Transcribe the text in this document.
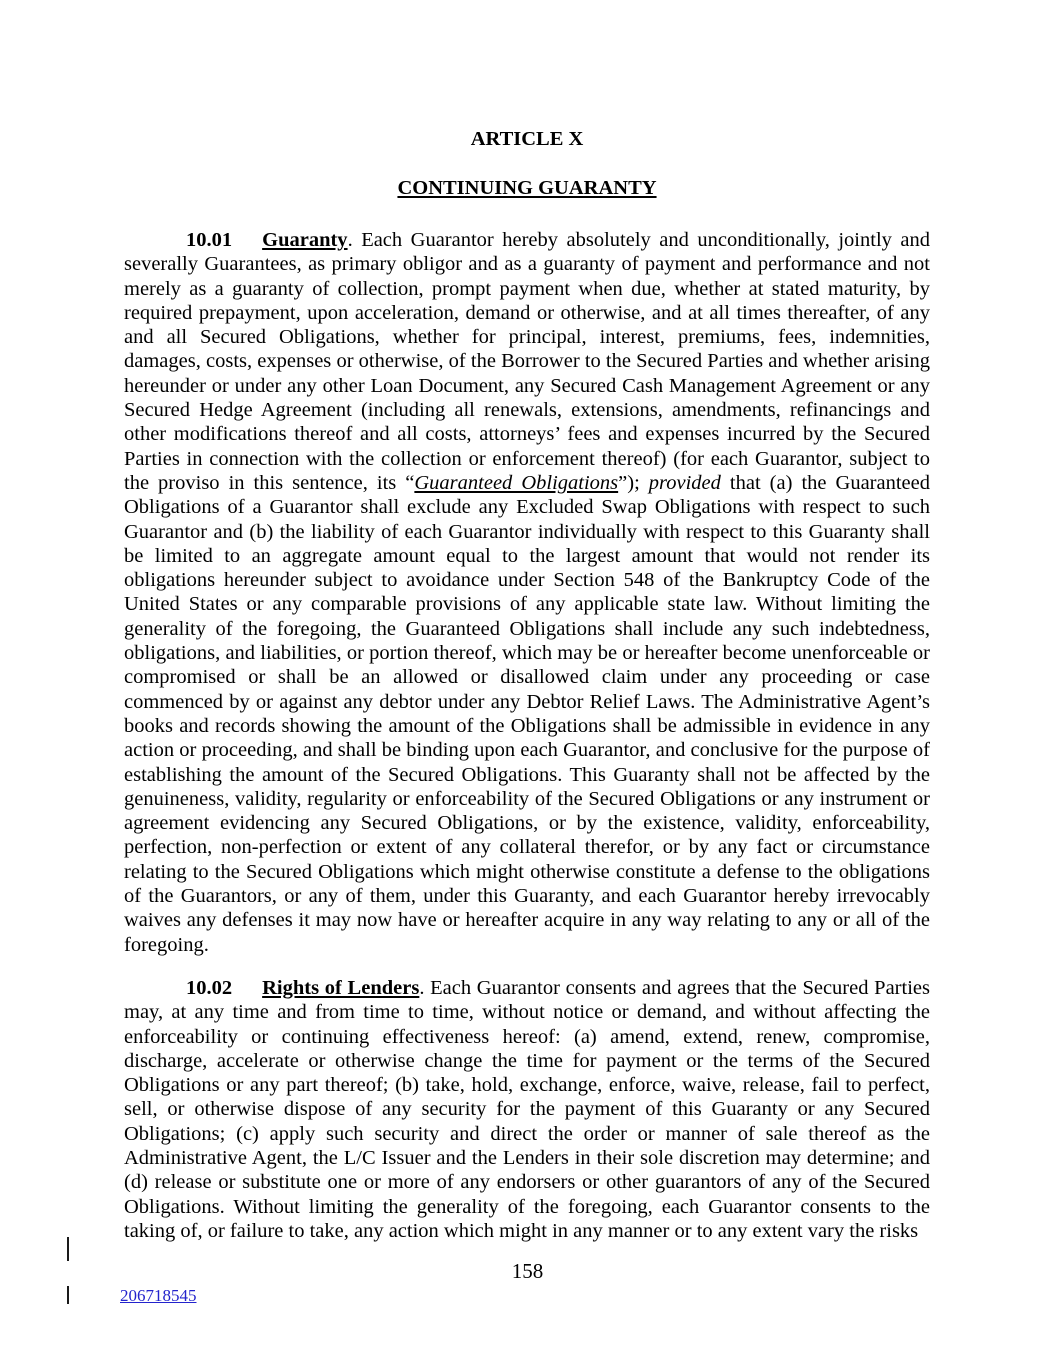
ARTICLE X
CONTINUING GUARANTY

10.01 Guaranty. Each Guarantor hereby absolutely and unconditionally, jointly and severally Guarantees, as primary obligor and as a guaranty of payment and performance and not merely as a guaranty of collection, prompt payment when due, whether at stated maturity, by required prepayment, upon acceleration, demand or otherwise, and at all times thereafter, of any and all Secured Obligations, whether for principal, interest, premiums, fees, indemnities, damages, costs, expenses or otherwise, of the Borrower to the Secured Parties and whether arising hereunder or under any other Loan Document, any Secured Cash Management Agreement or any Secured Hedge Agreement (including all renewals, extensions, amendments, refinancings and other modifications thereof and all costs, attorneys’ fees and expenses incurred by the Secured Parties in connection with the collection or enforcement thereof) (for each Guarantor, subject to the proviso in this sentence, its “Guaranteed Obligations”); provided that (a) the Guaranteed Obligations of a Guarantor shall exclude any Excluded Swap Obligations with respect to such Guarantor and (b) the liability of each Guarantor individually with respect to this Guaranty shall be limited to an aggregate amount equal to the largest amount that would not render its obligations hereunder subject to avoidance under Section 548 of the Bankruptcy Code of the United States or any comparable provisions of any applicable state law. Without limiting the generality of the foregoing, the Guaranteed Obligations shall include any such indebtedness, obligations, and liabilities, or portion thereof, which may be or hereafter become unenforceable or compromised or shall be an allowed or disallowed claim under any proceeding or case commenced by or against any debtor under any Debtor Relief Laws. The Administrative Agent’s books and records showing the amount of the Obligations shall be admissible in evidence in any action or proceeding, and shall be binding upon each Guarantor, and conclusive for the purpose of establishing the amount of the Secured Obligations. This Guaranty shall not be affected by the genuineness, validity, regularity or enforceability of the Secured Obligations or any instrument or agreement evidencing any Secured Obligations, or by the existence, validity, enforceability, perfection, non-perfection or extent of any collateral therefor, or by any fact or circumstance relating to the Secured Obligations which might otherwise constitute a defense to the obligations of the Guarantors, or any of them, under this Guaranty, and each Guarantor hereby irrevocably waives any defenses it may now have or hereafter acquire in any way relating to any or all of the foregoing.

10.02 Rights of Lenders. Each Guarantor consents and agrees that the Secured Parties may, at any time and from time to time, without notice or demand, and without affecting the enforceability or continuing effectiveness hereof: (a) amend, extend, renew, compromise, discharge, accelerate or otherwise change the time for payment or the terms of the Secured Obligations or any part thereof; (b) take, hold, exchange, enforce, waive, release, fail to perfect, sell, or otherwise dispose of any security for the payment of this Guaranty or any Secured Obligations; (c) apply such security and direct the order or manner of sale thereof as the Administrative Agent, the L/C Issuer and the Lenders in their sole discretion may determine; and (d) release or substitute one or more of any endorsers or other guarantors of any of the Secured Obligations. Without limiting the generality of the foregoing, each Guarantor consents to the taking of, or failure to take, any action which might in any manner or to any extent vary the risks

158
206718545
